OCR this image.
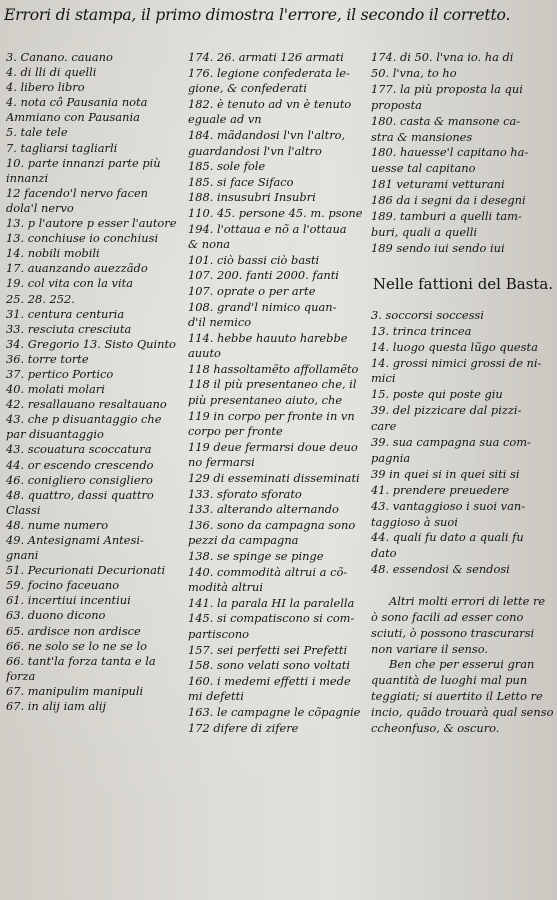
Errori di stampa, il primo dimostra l'errore, il secondo il corretto.
3. Canano. cauano
4. di lli di quelli
4. libero libro
4. nota cô Pausania nota
Ammiano con Pausania
5. tale tele
7. tagliarsi tagliarli
10. parte innanzi parte più
innanzi
12 facendo'l nervo facen
dola'l nervo
13. p l'autore p esser l'autore
13. conchiuse io conchiusi
14. nobili mobili
17. auanzando auezzãdo
19. col vita con la vita
25. 28. 252.
31. centura centuria
33. resciuta cresciuta
34. Gregorio 13. Sisto Quinto
36. torre torte
37. pertico Portico
40. molati molari
42. resallauano resaltauano
43. che p disuantaggio che
par disuantaggio
43. scouatura scoccatura
44. or escendo crescendo
46. conigliero consigliero
48. quattro, dassi quattro
Classi
48. nume numero
49. Antesignami Antesi-
gnani
51. Pecurionati Decurionati
59. focino faceuano
61. incertiui incentiui
63. duono dicono
65. ardisce non ardisce
66. ne solo se lo ne se lo
66. tant'la forza tanta e la
forza
67. manipulim manipuli
67. in alij iam alij
174. 26. armati 126 armati
176. legione confederata le-
gione, & confederati
182. è tenuto ad vn è tenuto
eguale ad vn
184. mãdandosi l'vn l'altro,
guardandosi l'vn l'altro
185. sole fole
185. si face Sifaco
188. insusubri Insubri
110. 45. persone 45. m. psone
194. l'ottaua e nõ a l'ottaua
& nona
101. ciò bassi ciò basti
107. 200. fanti 2000. fanti
107. oprate o per arte
108. grand'l nimico quan-
d'il nemico
114. hebbe hauuto harebbe
auuto
118 hassoltamẽto affollamẽto
118 il più presentaneo che, il
più presentaneo aiuto, che
119 in corpo per fronte in vn
corpo per fronte
119 deue fermarsi doue deuo
no fermarsi
129 di esseminati disseminati
133. sforato sforato
133. alterando alternando
136. sono da campagna sono
pezzi da campagna
138. se spinge se pinge
140. commodità altrui a cõ-
modità altrui
141. la parala HI la paralella
145. si compatiscono si com-
partiscono
157. sei perfetti sei Prefetti
158. sono velati sono voltati
160. i medemi effetti i mede
mi defetti
163. le campagne le cõpagnie
172 difere di zifere
174. di 50. l'vna io. ha di
50. l'vna, to ho
177. la più proposta la qui
proposta
180. casta & mansone ca-
stra & mansiones
180. hauesse'l capitano ha-
uesse tal capitano
181 veturami vetturani
186 da i segni da i desegni
189. tamburi a quelli tam-
buri, quali a quelli
189 sendo iui sendo iui
Nelle fattioni del Basta.
3. soccorsi soccessi
13. trinca trincea
14. luogo questa lũgo questa
14. grossi nimici grossi de ni-
mici
15. poste qui poste giu
39. del pizzicare dal pizzi-
care
39. sua campagna sua com-
pagnia
39 in quei si in quei siti si
41. prendere preuedere
43. vantaggioso i suoi van-
taggioso à suoi
44. quali fu dato a quali fu
dato
48. essendosi & sendosi

Altri molti errori di lette re ò sono facili ad esser cono sciuti, ò possono trascurarsi non variare il senso.

Ben che per esserui gran quantità de luoghi mal pun teggiati; si auertito il Letto re incio, quãdo trouarà qual senso ccheonfuso, & oscuro.
